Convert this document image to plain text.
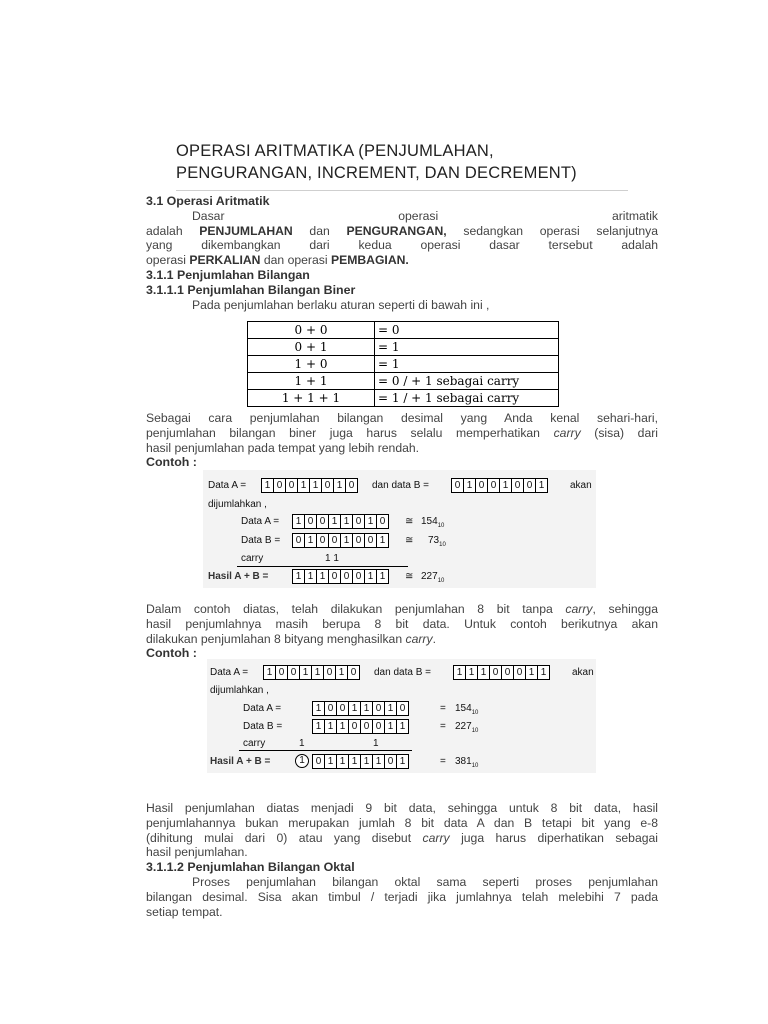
OPERASI ARITMATIKA (PENJUMLAHAN,
PENGURANGAN, INCREMENT, DAN DECREMENT)
3.1 Operasi Aritmatik
Dasar operasi aritmatik
adalah PENJUMLAHAN dan PENGURANGAN, sedangkan operasi selanjutnya
yang dikembangkan dari kedua operasi dasar tersebut adalah
operasi PERKALIAN dan operasi PEMBAGIAN.
3.1.1 Penjumlahan Bilangan
3.1.1.1 Penjumlahan Bilangan Biner
Pada penjumlahan berlaku aturan seperti di bawah ini ,
0 + 0	= 0
0 + 1	= 1
1 + 0	= 1
1 + 1	= 0 / + 1 sebagai carry
1 + 1 + 1	= 1 / + 1 sebagai carry
Sebagai cara penjumlahan bilangan desimal yang Anda kenal sehari-hari,
penjumlahan bilangan biner juga harus selalu memperhatikan carry (sisa) dari
hasil penjumlahan pada tempat yang lebih rendah.
Contoh :
Data A = 1 0 0 1 1 0 1 0 dan data B =	0 1 0 0 1 0 0 1	akan
dijumlahkan ,
Data A = 1 0 0 1 1 0 1 0 ≅ $154_{10}$
Data B = 0 1 0 0 1 0 0 1 ≅ $73_{10}$
carry	1 1
Hasil A + B =	1 1 1 0 0 0 1 1 ≅ $227_{10}$
Dalam contoh diatas, telah dilakukan penjumlahan 8 bit tanpa carry, sehingga
hasil penjumlahnya masih berupa 8 bit data. Untuk contoh berikutnya akan
dilakukan penjumlahan 8 bityang menghasilkan carry.
Contoh :
Data A = 1 0 0 1 1 0 1 0 dan data B =	1 1 1 0 0 0 1 1	akan
dijumlahkan ,
Data A =	1 0 0 1 1 0 1 0	= $154_{10}$
Data B =	1 1 1 0 0 0 1 1	= $227_{10}$
carry	1	1
Hasil A + B =	1	0 1 1 1 1 1 0 1	= $381_{10}$
Hasil penjumlahan diatas menjadi 9 bit data, sehingga untuk 8 bit data, hasil
penjumlahannya bukan merupakan jumlah 8 bit data A dan B tetapi bit yang e-8
(dihitung mulai dari 0) atau yang disebut carry juga harus diperhatikan sebagai
hasil penjumlahan.
3.1.1.2 Penjumlahan Bilangan Oktal
Proses penjumlahan bilangan oktal sama seperti proses penjumlahan
bilangan desimal. Sisa akan timbul / terjadi jika jumlahnya telah melebihi 7 pada
setiap tempat.
